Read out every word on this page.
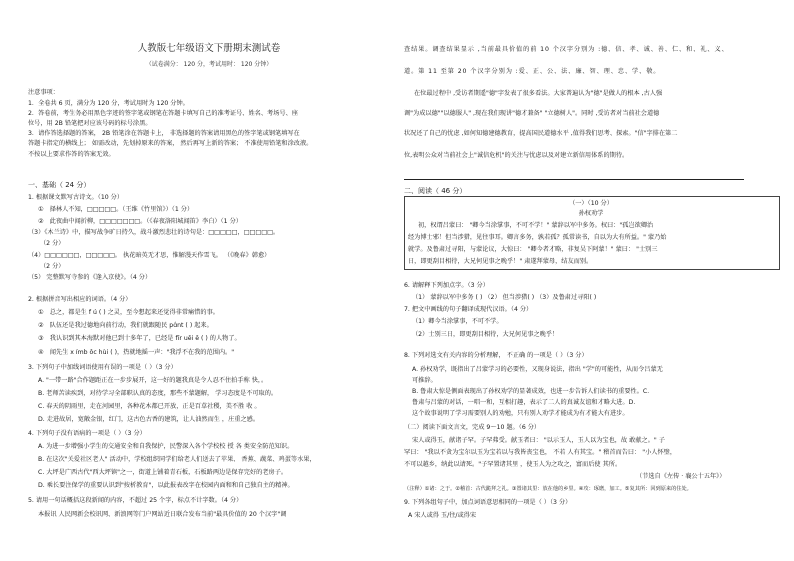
人教版七年级语文下册期末测试卷
（试卷满分： 120 分，考试用时： 120 分钟）
注意事项：
1．全卷共 6 页，满分为 120 分，考试用时为 120 分钟。
2．答卷前，考生务必用黑色字迹的签字笔或钢笔在答题卡填写自己的准考证号、姓名、考场号、座
位号，用 2B 铅笔把对应该号码的标号涂黑。
3．请作答选择题的答案， 2B 铅笔涂在答题卡上， 非选择题的答案请用黑色的签字笔或钢笔填写在
答题卡指定的横线上； 如需改动，先划掉原来的答案， 然后再写上新的答案； 不准使用铅笔和涂改液。
不按以上要求作答的答案无效。
一、基础（ 24 分）
1. 根据课文默写古诗文。（10 分）
①　择林人不知，□□□□□。（王维《竹里馆》）（1 分）
②　此夜曲中闻折柳，□□□□□□□。（《春夜洛阳城闻笛》李白）（1 分）
（3）《木兰诗》中，描写战争旷日持久，战斗激烈悲壮的诗句是：□□□□□，□□□□□。
（2 分）
（4）□□□□□□，□□□□□。 执花暗英无才思，惟解漫天作雪飞。 （《晚春》韩愈）
（2 分）
（5） 完整默写寺参的《逢入京使》。（4 分）
2. 根据拼音写出相应的词语。（4 分）
①　总之，都是生 f ú ( ) 之灵，至今想起来还觉得非常痛惜的事。
②　队伍还是我过德地向前行动，我们就跟随民 pɑ́nt ( ) 起来。
③　我认识到其本海默对他已到十多年了，已经是 fīr uēi ē ( ) 的人物了。
④　闻先生 x ímb ǒc hùi ( )，热就地摇一声："我浮不在我的范围内。"
3. 下列句子中加线词语使用有误的一项是（ ）（3 分）
A. "一带一路"合作题距正在一步步展开，这一好的题我真是令人忍不住拍手称 快，。
B. 老师苦读疾到，对待学习全部职认真的态度，那些不蒙题解， 学习态度是不可取的。
C. 春天的阴雨里，走在河园里，各种花木都已开放，正是百草社稷，美不胜 收 。
D. 走进故居，宽敞金银，红门，这古色古香的建筑，让人油然而生 ，庄重之感。
4. 下列句子没有语病的一项是（ ）（3 分）
A. 为进一步增强小学生的交通安全和自我保护，民警深入各个学校校 授 各 类安全防范知识。
B. 在这次"关爱社区老人" 活动中，学校组织同学们给老人们送去了苹果、 香蕉、蔬菜、鸡蛋等水果，
C. 大坪是广西古代"西大坪镇"之一，街道上铺着青石板，石板路两边是保存完好的老房子。
D. 乘长要注保学的重要认识到"按析教育"，以此报表改字在校园内面和和自己独自主的精神。
5. 请用一句话概括这段新闻的内容，不超过 25 个字，标点不计字数。（4 分）
本报讯 人民网新会校讯网、新浪网等门户网站近日联合发布当前"最具价值的 20 个汉字"调
查结果。调查结果显示 ,当前最具价值的前 10 个汉字分别为 :德、信、孝、诚、善、仁、和、礼、义、
道。第 11 至第 20 个汉字分别为 :爱、正、公、法、廉、智、理、忠、学、敬。
在位最过程中 ,受访者期遥"德"字发表了很多看法。大家普遍认为"德"是做人的根本 ,古人强
调"为成以德""以德服人" ,现在我们现讲"德才兼备" "立德树人"。同时 ,受访者对当前社会道德
状况还了自己的忧虑 ,如何知德建德教育，提高国民道德水平 ,值得我们思考、探索。"信"字排在第二
位,表明公众对当前社会上"诚信危机"的关注与忧虑以及对建立新信用体系的期待。
二、阅读（ 46 分）
（一）（10 分）
孙权劝学
初，权谓吕蒙曰： "卿今当涂掌事，不可不学！" 蒙辞以军中多务。权曰："孤岂欲卿治
经为博士邪！但当涉猎，见往事耳。卿言多务，孰若孤？孤常读书，自以为大有所益。" 蒙乃始
就学。及鲁肃过寻阳，与蒙论议，大惊曰： "卿今者才略，非复吴下阿蒙！" 蒙曰： "士别三
日，即更刮目相待，大兄何见事之晚乎！" 肃遂拜蒙母，结友而别。
6. 请解释下列加点字。（3 分）
（1） 蒙辞以军中多务 ( ) （2） 但当涉猎( ) （3）及鲁肃过寻阳( )
7. 把文中画线的句子翻译成现代汉语。（4 分）
（1）卿今当涂掌事，不可不学。
（2）士别三日，即更刮目相待，大兄何见事之晚乎！
8. 下列对选文有关内容的分析理解， 不正确 的一项是（ ）（3 分）
A. 孙权劝学，既指出了吕蒙学习的必要性，又现身说法，指出 "学"的可能性，从而令吕蒙无
可推辞。
B. 鲁肃大惊是侧面表现出了孙权劝学的显著成效，也进一步告诉人们读书的重要性。C．
鲁肃与吕蒙的对话，一唱一和，互相打趣，表示了二人的真诚友谊和才略大进。D．
这个故事说明了学习需要别人的劝勉，只有别人劝学才能成为有才能大有进步。
（二）阅读下面文言文，完成 9～10 题。（6 分）
宋人或得玉，献诸子罕。子罕弗受。献玉者曰： "以示玉人，玉人以为宝也，故 敢献之。" 子
罕曰： "我以不贪为宝尔以玉为宝若以与我皆丧宝也， 不若 人有其宝。" 稽首而告曰： "小人怀璧，
不可以越乡，纳此以请死。"子罕置诸其里 ，使玉人为之攻之，富而后使 其所。
（节选自《左传 · 襄公十五年》）
（注释）①诸：之于。②稽首：古代跪拜之礼。③置诸其里：放在他的乡里。④攻：琢磨，加工。⑤复其所：回到原来的住处。
9. 下列各组句子中，加点词语意思相同的一项是（ ）（3 分）
A 宋人或得 玉/往/或得宋
